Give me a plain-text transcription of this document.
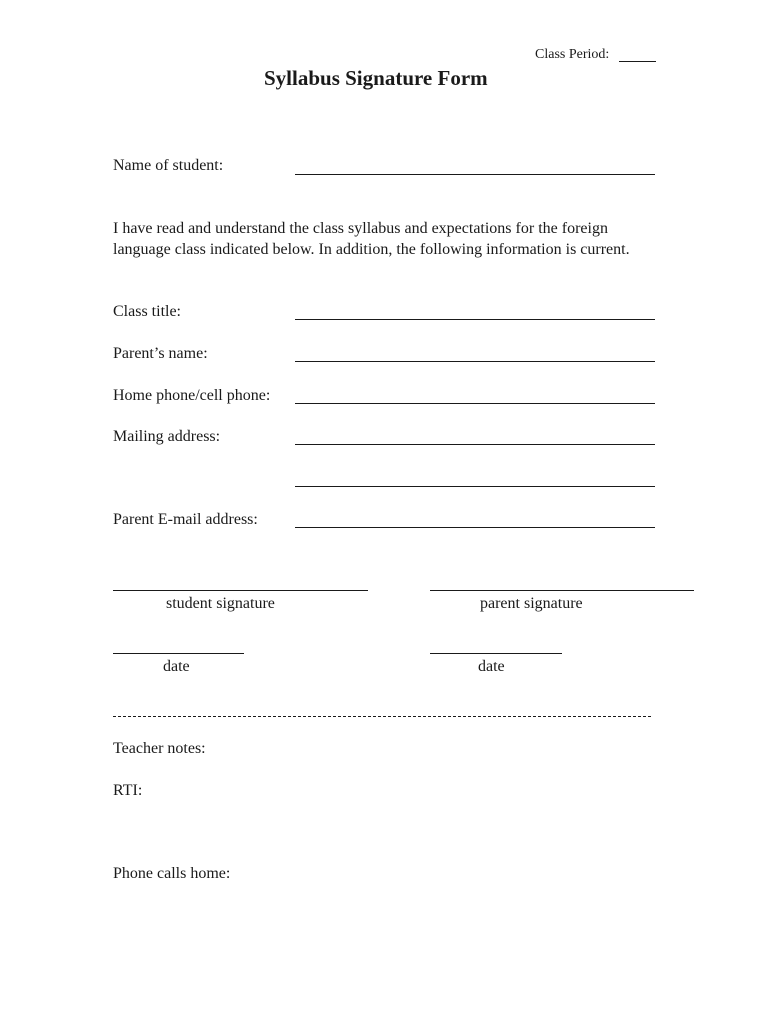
Class Period:
Syllabus Signature Form
Name of student:
I have read and understand the class syllabus and expectations for the foreign language class indicated below. In addition, the following information is current.
Class title:
Parent’s name:
Home phone/cell phone:
Mailing address:
Parent E-mail address:
student signature	parent signature
date	date
Teacher notes:
RTI:
Phone calls home:
